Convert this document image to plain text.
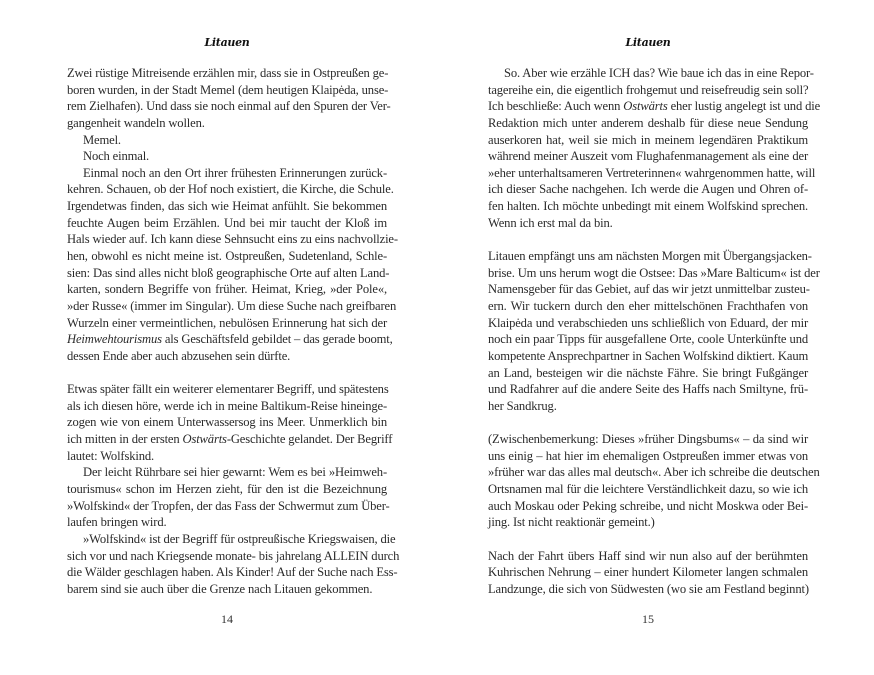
Litauen
Zwei rüstige Mitreisende erzählen mir, dass sie in Ostpreußen ge-
boren wurden, in der Stadt Memel (dem heutigen Klaipėda, unse-
rem Zielhafen). Und dass sie noch einmal auf den Spuren der Ver-
gangenheit wandeln wollen.
Memel.
Noch einmal.
Einmal noch an den Ort ihrer frühesten Erinnerungen zurück-
kehren. Schauen, ob der Hof noch existiert, die Kirche, die Schule.
Irgendetwas finden, das sich wie Heimat anfühlt. Sie bekommen
feuchte Augen beim Erzählen. Und bei mir taucht der Kloß im
Hals wieder auf. Ich kann diese Sehnsucht eins zu eins nachvollzie-
hen, obwohl es nicht meine ist. Ostpreußen, Sudetenland, Schle-
sien: Das sind alles nicht bloß geographische Orte auf alten Land-
karten, sondern Begriffe von früher. Heimat, Krieg, »der Pole«,
»der Russe« (immer im Singular). Um diese Suche nach greifbaren
Wurzeln einer vermeintlichen, nebulösen Erinnerung hat sich der
Heimwehtourismus als Geschäftsfeld gebildet – das gerade boomt,
dessen Ende aber auch abzusehen sein dürfte.
Etwas später fällt ein weiterer elementarer Begriff, und spätestens
als ich diesen höre, werde ich in meine Baltikum-Reise hineinge-
zogen wie von einem Unterwassersog ins Meer. Unmerklich bin
ich mitten in der ersten Ostwärts-Geschichte gelandet. Der Begriff
lautet: Wolfskind.
Der leicht Rührbare sei hier gewarnt: Wem es bei »Heimweh-
tourismus« schon im Herzen zieht, für den ist die Bezeichnung
»Wolfskind« der Tropfen, der das Fass der Schwermut zum Über-
laufen bringen wird.
»Wolfskind« ist der Begriff für ostpreußische Kriegswaisen, die
sich vor und nach Kriegsende monate- bis jahrelang ALLEIN durch
die Wälder geschlagen haben. Als Kinder! Auf der Suche nach Ess-
barem sind sie auch über die Grenze nach Litauen gekommen.
14
Litauen
So. Aber wie erzähle ICH das? Wie baue ich das in eine Repor-
tagereihe ein, die eigentlich frohgemut und reisefreudig sein soll?
Ich beschließe: Auch wenn Ostwärts eher lustig angelegt ist und die
Redaktion mich unter anderem deshalb für diese neue Sendung
auserkoren hat, weil sie mich in meinem legendären Praktikum
während meiner Auszeit vom Flughafenmanagement als eine der
»eher unterhaltsameren Vertreterinnen« wahrgenommen hatte, will
ich dieser Sache nachgehen. Ich werde die Augen und Ohren of-
fen halten. Ich möchte unbedingt mit einem Wolfskind sprechen.
Wenn ich erst mal da bin.
Litauen empfängt uns am nächsten Morgen mit Übergangsjacken-
brise. Um uns herum wogt die Ostsee: Das »Mare Balticum« ist der
Namensgeber für das Gebiet, auf das wir jetzt unmittelbar zusteu-
ern. Wir tuckern durch den eher mittelschönen Frachthafen von
Klaipėda und verabschieden uns schließlich von Eduard, der mir
noch ein paar Tipps für ausgefallene Orte, coole Unterkünfte und
kompetente Ansprechpartner in Sachen Wolfskind diktiert. Kaum
an Land, besteigen wir die nächste Fähre. Sie bringt Fußgänger
und Radfahrer auf die andere Seite des Haffs nach Smiltyne, frü-
her Sandkrug.
(Zwischenbemerkung: Dieses »früher Dingsbums« – da sind wir
uns einig – hat hier im ehemaligen Ostpreußen immer etwas von
»früher war das alles mal deutsch«. Aber ich schreibe die deutschen
Ortsnamen mal für die leichtere Verständlichkeit dazu, so wie ich
auch Moskau oder Peking schreibe, und nicht Moskwa oder Bei-
jing. Ist nicht reaktionär gemeint.)
Nach der Fahrt übers Haff sind wir nun also auf der berühmten
Kuhrischen Nehrung – einer hundert Kilometer langen schmalen
Landzunge, die sich von Südwesten (wo sie am Festland beginnt)
15
